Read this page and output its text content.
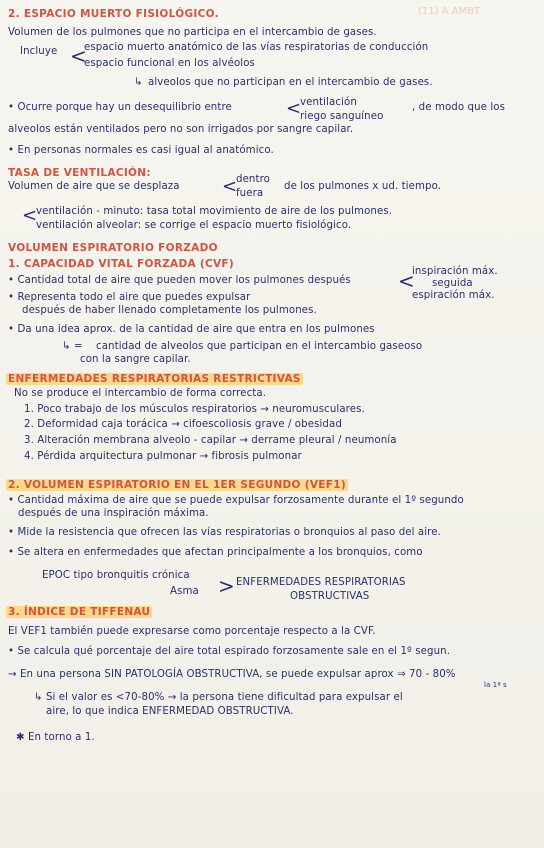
(11) A AMBT
2. ESPACIO MUERTO FISIOLÓGICO.
Volumen de los pulmones que no participa en el intercambio de gases.
Incluye <
espacio muerto anatómico de las vías respiratorias de conducción
espacio funcional en los alvéolos
↳ alveolos que no participan en el intercambio de gases.
• Ocurre porque hay un desequilibrio entre	<
ventilación
riego sanguíneo
, de modo que los
alveolos están ventilados pero no son irrigados por sangre capilar.
• En personas normales es casi igual al anatómico.
TASA DE VENTILACIÓN:
Volumen de aire que se desplaza <
dentro
fuera
de los pulmones x ud. tiempo.
<
ventilación - minuto: tasa total movimiento de aire de los pulmones.
ventilación alveolar: se corrige el espacio muerto fisiológico.
VOLUMEN ESPIRATORIO FORZADO
1. CAPACIDAD VITAL FORZADA (CVF)
• Cantidad total de aire que pueden mover los pulmones después <
inspiración máx.
seguida
espiración máx.
• Representa todo el aire que puedes expulsar
después de haber llenado completamente los pulmones.
• Da una idea aprox. de la cantidad de aire que entra en los pulmones
↳ = cantidad de alveolos que participan en el intercambio gaseoso
con la sangre capilar.
ENFERMEDADES RESPIRATORIAS RESTRICTIVAS
No se produce el intercambio de forma correcta.
1. Poco trabajo de los músculos respiratorios → neuromusculares.
2. Deformidad caja torácica → cifoescoliosis grave / obesidad
3. Alteración membrana alveolo - capilar → derrame pleural / neumonía
4. Pérdida arquitectura pulmonar → fibrosis pulmonar
2. VOLUMEN ESPIRATORIO EN EL 1ER SEGUNDO (VEF1)
• Cantidad máxima de aire que se puede expulsar forzosamente durante el 1º segundo
después de una inspiración máxima.
• Mide la resistencia que ofrecen las vías respiratorias o bronquios al paso del aire.
• Se altera en enfermedades que afectan principalmente a los bronquios, como
EPOC tipo bronquitis crónica
Asma > ENFERMEDADES RESPIRATORIAS
OBSTRUCTIVAS
3. ÍNDICE DE TIFFENAU
El VEF1 también puede expresarse como porcentaje respecto a la CVF.
• Se calcula qué porcentaje del aire total espirado forzosamente sale en el 1º segun.
→ En una persona SIN PATOLOGÍA OBSTRUCTIVA, se puede expulsar aprox ⇒ 70 - 80%
la 1ª s
↳ Si el valor es <70-80% → la persona tiene dificultad para expulsar el
aire, lo que indica ENFERMEDAD OBSTRUCTIVA.
✱ En torno a 1.
